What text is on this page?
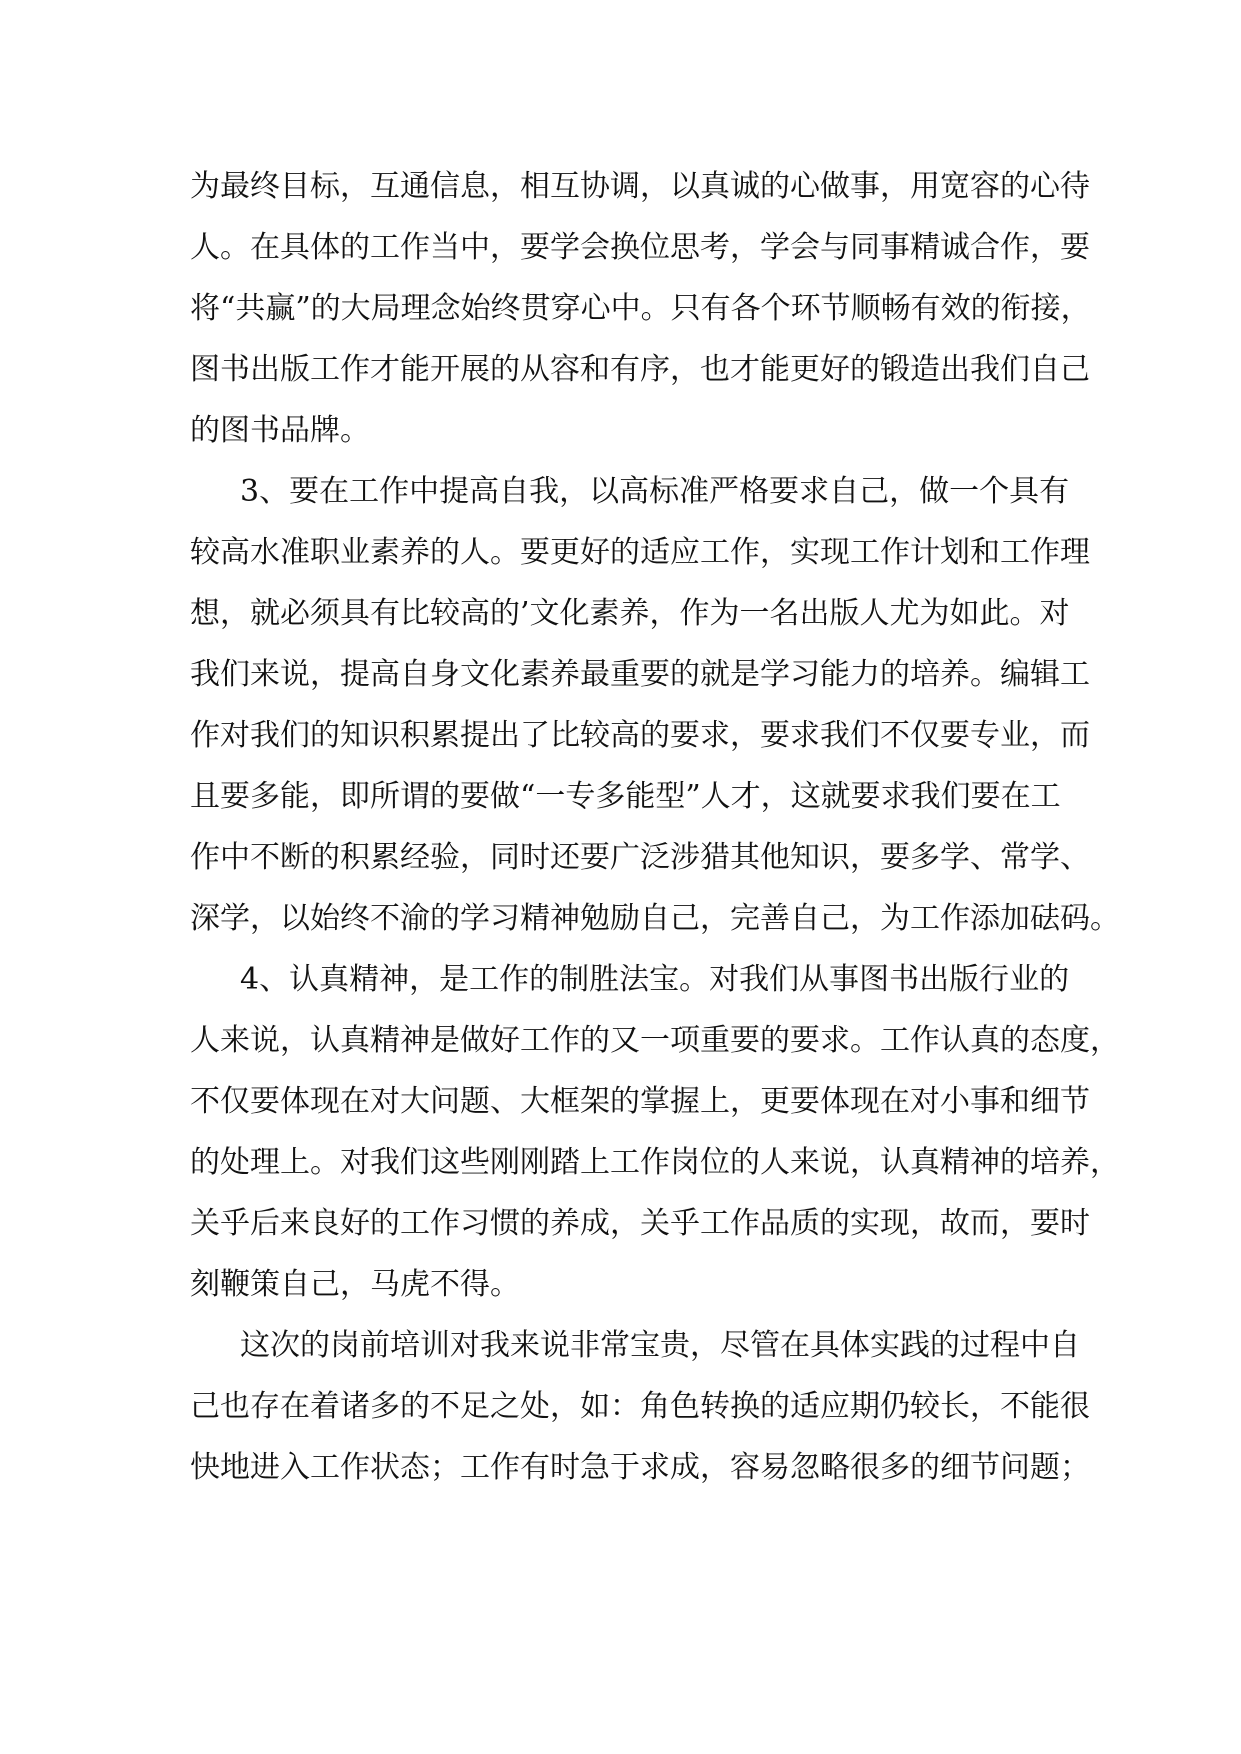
为最终目标，互通信息，相互协调，以真诚的心做事，用宽容的心待
人。在具体的工作当中，要学会换位思考，学会与同事精诚合作，要
将“共赢”的大局理念始终贯穿心中。只有各个环节顺畅有效的衔接，
图书出版工作才能开展的从容和有序，也才能更好的锻造出我们自己
的图书品牌。
3、要在工作中提高自我，以高标准严格要求自己，做一个具有
较高水准职业素养的人。要更好的适应工作，实现工作计划和工作理
想，就必须具有比较高的’文化素养，作为一名出版人尤为如此。对
我们来说，提高自身文化素养最重要的就是学习能力的培养。编辑工
作对我们的知识积累提出了比较高的要求，要求我们不仅要专业，而
且要多能，即所谓的要做“一专多能型”人才，这就要求我们要在工
作中不断的积累经验，同时还要广泛涉猎其他知识，要多学、常学、
深学，以始终不渝的学习精神勉励自己，完善自己，为工作添加砝码。
4、认真精神，是工作的制胜法宝。对我们从事图书出版行业的
人来说，认真精神是做好工作的又一项重要的要求。工作认真的态度，
不仅要体现在对大问题、大框架的掌握上，更要体现在对小事和细节
的处理上。对我们这些刚刚踏上工作岗位的人来说，认真精神的培养，
关乎后来良好的工作习惯的养成，关乎工作品质的实现，故而，要时
刻鞭策自己，马虎不得。
这次的岗前培训对我来说非常宝贵，尽管在具体实践的过程中自
己也存在着诸多的不足之处，如：角色转换的适应期仍较长，不能很
快地进入工作状态；工作有时急于求成，容易忽略很多的细节问题；
